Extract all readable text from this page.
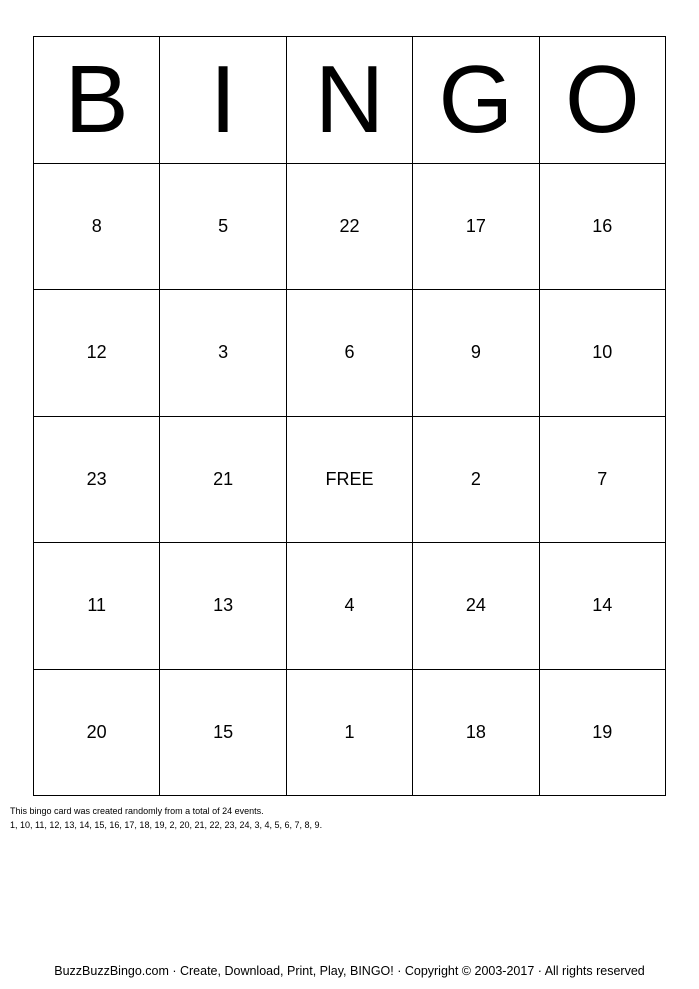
B I N G O
8	5	22	17	16
12	3	6	9	10
23	21	FREE	2	7
11	13	4	24	14
20	15	1	18	19
This bingo card was created randomly from a total of 24 events.
1, 10, 11, 12, 13, 14, 15, 16, 17, 18, 19, 2, 20, 21, 22, 23, 24, 3, 4, 5, 6, 7, 8, 9.
BuzzBuzzBingo.com · Create, Download, Print, Play, BINGO! · Copyright © 2003-2017 · All rights reserved
